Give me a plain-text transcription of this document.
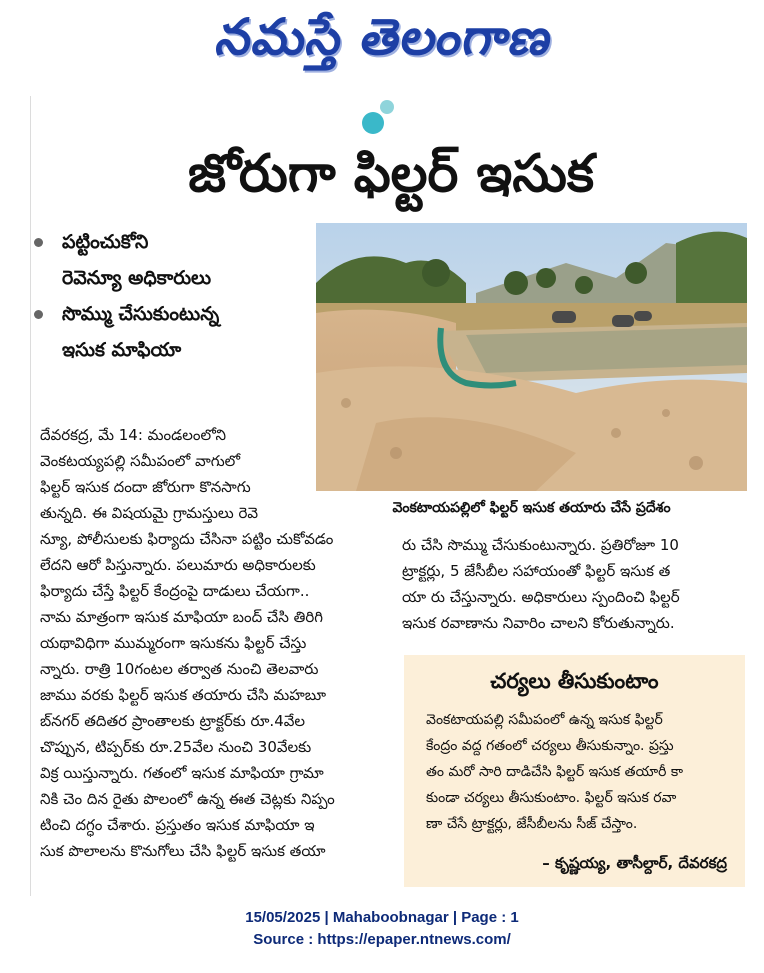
నమస్తే తెలంగాణ
జోరుగా ఫిల్టర్ ఇసుక
పట్టించుకోని
రెవెన్యూ అధికారులు
సొమ్ము చేసుకుంటున్న
ఇసుక మాఫియా
వెంకటాయపల్లిలో ఫిల్టర్ ఇసుక తయారు చేసే ప్రదేశం
దేవరకద్ర, మే 14: మండలంలోని
వెంకటయ్యపల్లి సమీపంలో వాగులో
ఫిల్టర్ ఇసుక దందా జోరుగా కొనసాగు
తున్నది. ఈ విషయమై గ్రామస్తులు రెవె
న్యూ, పోలీసులకు ఫిర్యాదు చేసినా పట్టిం చుకోవడం
లేదని ఆరో పిస్తున్నారు. పలుమారు అధికారులకు
ఫిర్యాదు చేస్తే ఫిల్టర్ కేంద్రంపై దాడులు చేయగా..
నామ మాత్రంగా ఇసుక మాఫియా బంద్ చేసి తిరిగి
యథావిధిగా ముమ్మరంగా ఇసుకను ఫిల్టర్ చేస్తు
న్నారు. రాత్రి 10గంటల తర్వాత నుంచి తెలవారు
జాము వరకు ఫిల్టర్ ఇసుక తయారు చేసి మహబూ
బ్‌నగర్ తదితర ప్రాంతాలకు ట్రాక్టర్‌కు రూ.4వేల
చొప్పున, టిప్పర్‌కు రూ.25వేల నుంచి 30వేలకు
విక్ర యిస్తున్నారు. గతంలో ఇసుక మాఫియా గ్రామా
నికి చెం దిన రైతు పొలంలో ఉన్న ఈత చెట్లకు నిప్పం
టించి దగ్ధం చేశారు. ప్రస్తుతం ఇసుక మాఫియా ఇ
సుక పొలాలను కొనుగోలు చేసి ఫిల్టర్ ఇసుక తయా
రు చేసి సొమ్ము చేసుకుంటున్నారు. ప్రతిరోజూ 10
ట్రాక్టర్లు, 5 జేసీబీల సహాయంతో ఫిల్టర్ ఇసుక త
యా రు చేస్తున్నారు. అధికారులు స్పందించి ఫిల్టర్
ఇసుక రవాణాను నివారిం చాలని కోరుతున్నారు.
చర్యలు తీసుకుంటాం
వెంకటాయపల్లి సమీపంలో ఉన్న ఇసుక ఫిల్టర్
కేంద్రం వద్ద గతంలో చర్యలు తీసుకున్నాం. ప్రస్తు
తం మరో సారి దాడిచేసి ఫిల్టర్ ఇసుక తయారీ కా
కుండా చర్యలు తీసుకుంటాం. ఫిల్టర్ ఇసుక రవా
ణా చేసే ట్రాక్టర్లు, జేసీబీలను సీజ్ చేస్తాం.
– కృష్ణయ్య, తాసీల్దార్, దేవరకద్ర
15/05/2025 | Mahaboobnagar | Page : 1
Source : https://epaper.ntnews.com/
